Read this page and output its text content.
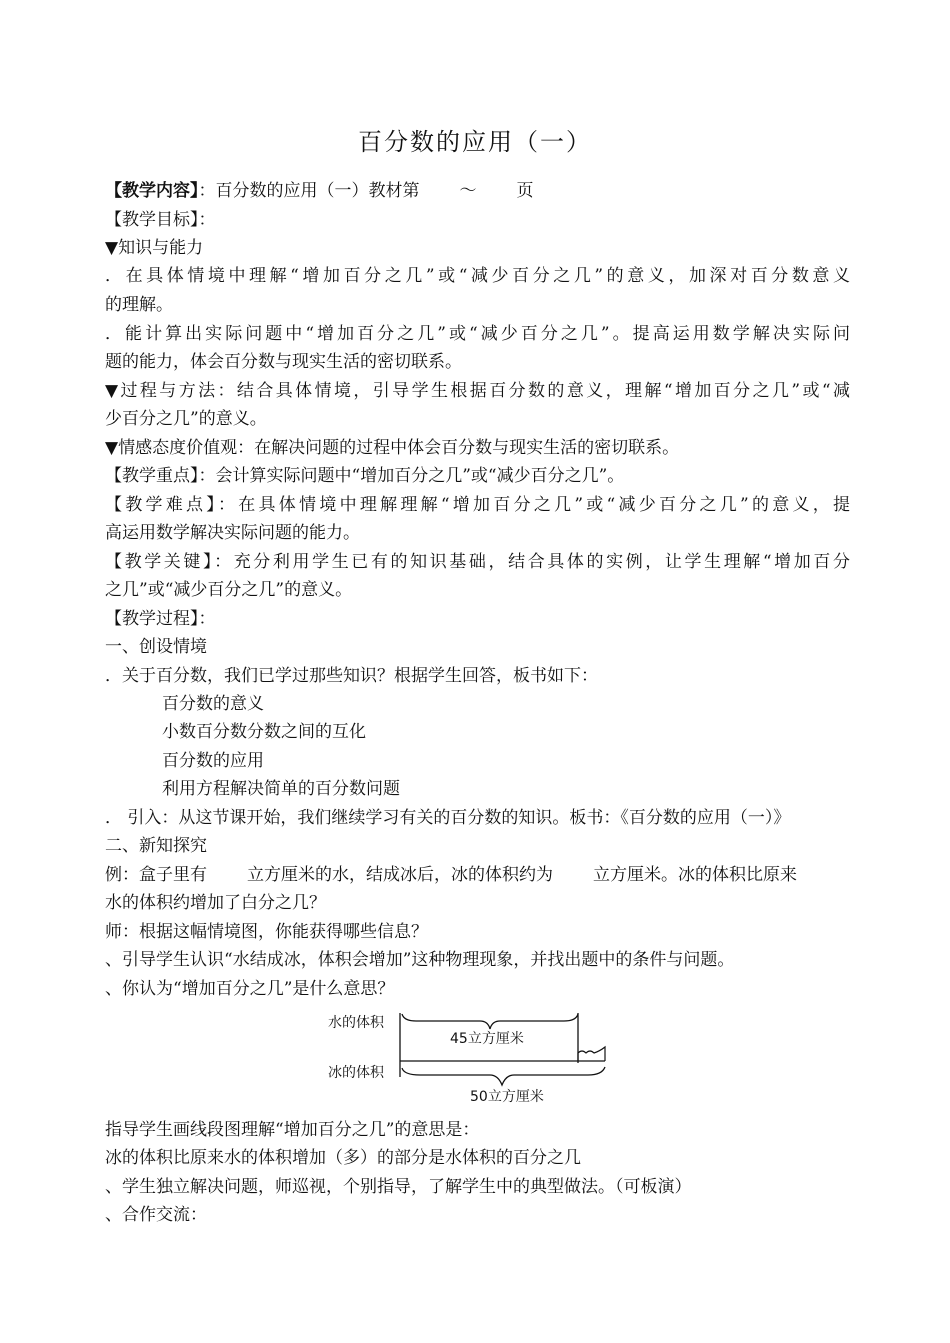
百分数的应用（一）
【教学内容】：百分数的应用（一）教材第 ～ 页
【教学目标】：
▼知识与能力
．在具体情境中理解“增加百分之几”或“减少百分之几”的意义，加深对百分数意义
的理解。
．能计算出实际问题中“增加百分之几”或“减少百分之几”。提高运用数学解决实际问
题的能力，体会百分数与现实生活的密切联系。
▼过程与方法：结合具体情境，引导学生根据百分数的意义，理解“增加百分之几”或“减
少百分之几”的意义。
▼情感态度价值观：在解决问题的过程中体会百分数与现实生活的密切联系。
【教学重点】：会计算实际问题中“增加百分之几”或“减少百分之几”。
【教学难点】：在具体情境中理解理解“增加百分之几”或“减少百分之几”的意义，提
高运用数学解决实际问题的能力。
【教学关键】：充分利用学生已有的知识基础，结合具体的实例，让学生理解“增加百分
之几”或“减少百分之几”的意义。
【教学过程】：
一、创设情境
．关于百分数，我们已学过那些知识？根据学生回答，板书如下：
百分数的意义
小数百分数分数之间的互化
百分数的应用
利用方程解决简单的百分数问题
． 引入：从这节课开始，我们继续学习有关的百分数的知识。板书：《百分数的应用（一）》
二、新知探究
例：盒子里有 立方厘米的水，结成冰后，冰的体积约为 立方厘米。冰的体积比原来
水的体积约增加了白分之几？
师：根据这幅情境图，你能获得哪些信息？
、引导学生认识“水结成冰，体积会增加”这种物理现象，并找出题中的条件与问题。
、你认为“增加百分之几”是什么意思？
水的体积
45立方厘米
冰的体积
50立方厘米
指导学生画线段图理解“增加百分之几”的意思是：
冰的体积比原来水的体积增加（多）的部分是水体积的百分之几
、学生独立解决问题，师巡视，个别指导，了解学生中的典型做法。（可板演）
、合作交流：
